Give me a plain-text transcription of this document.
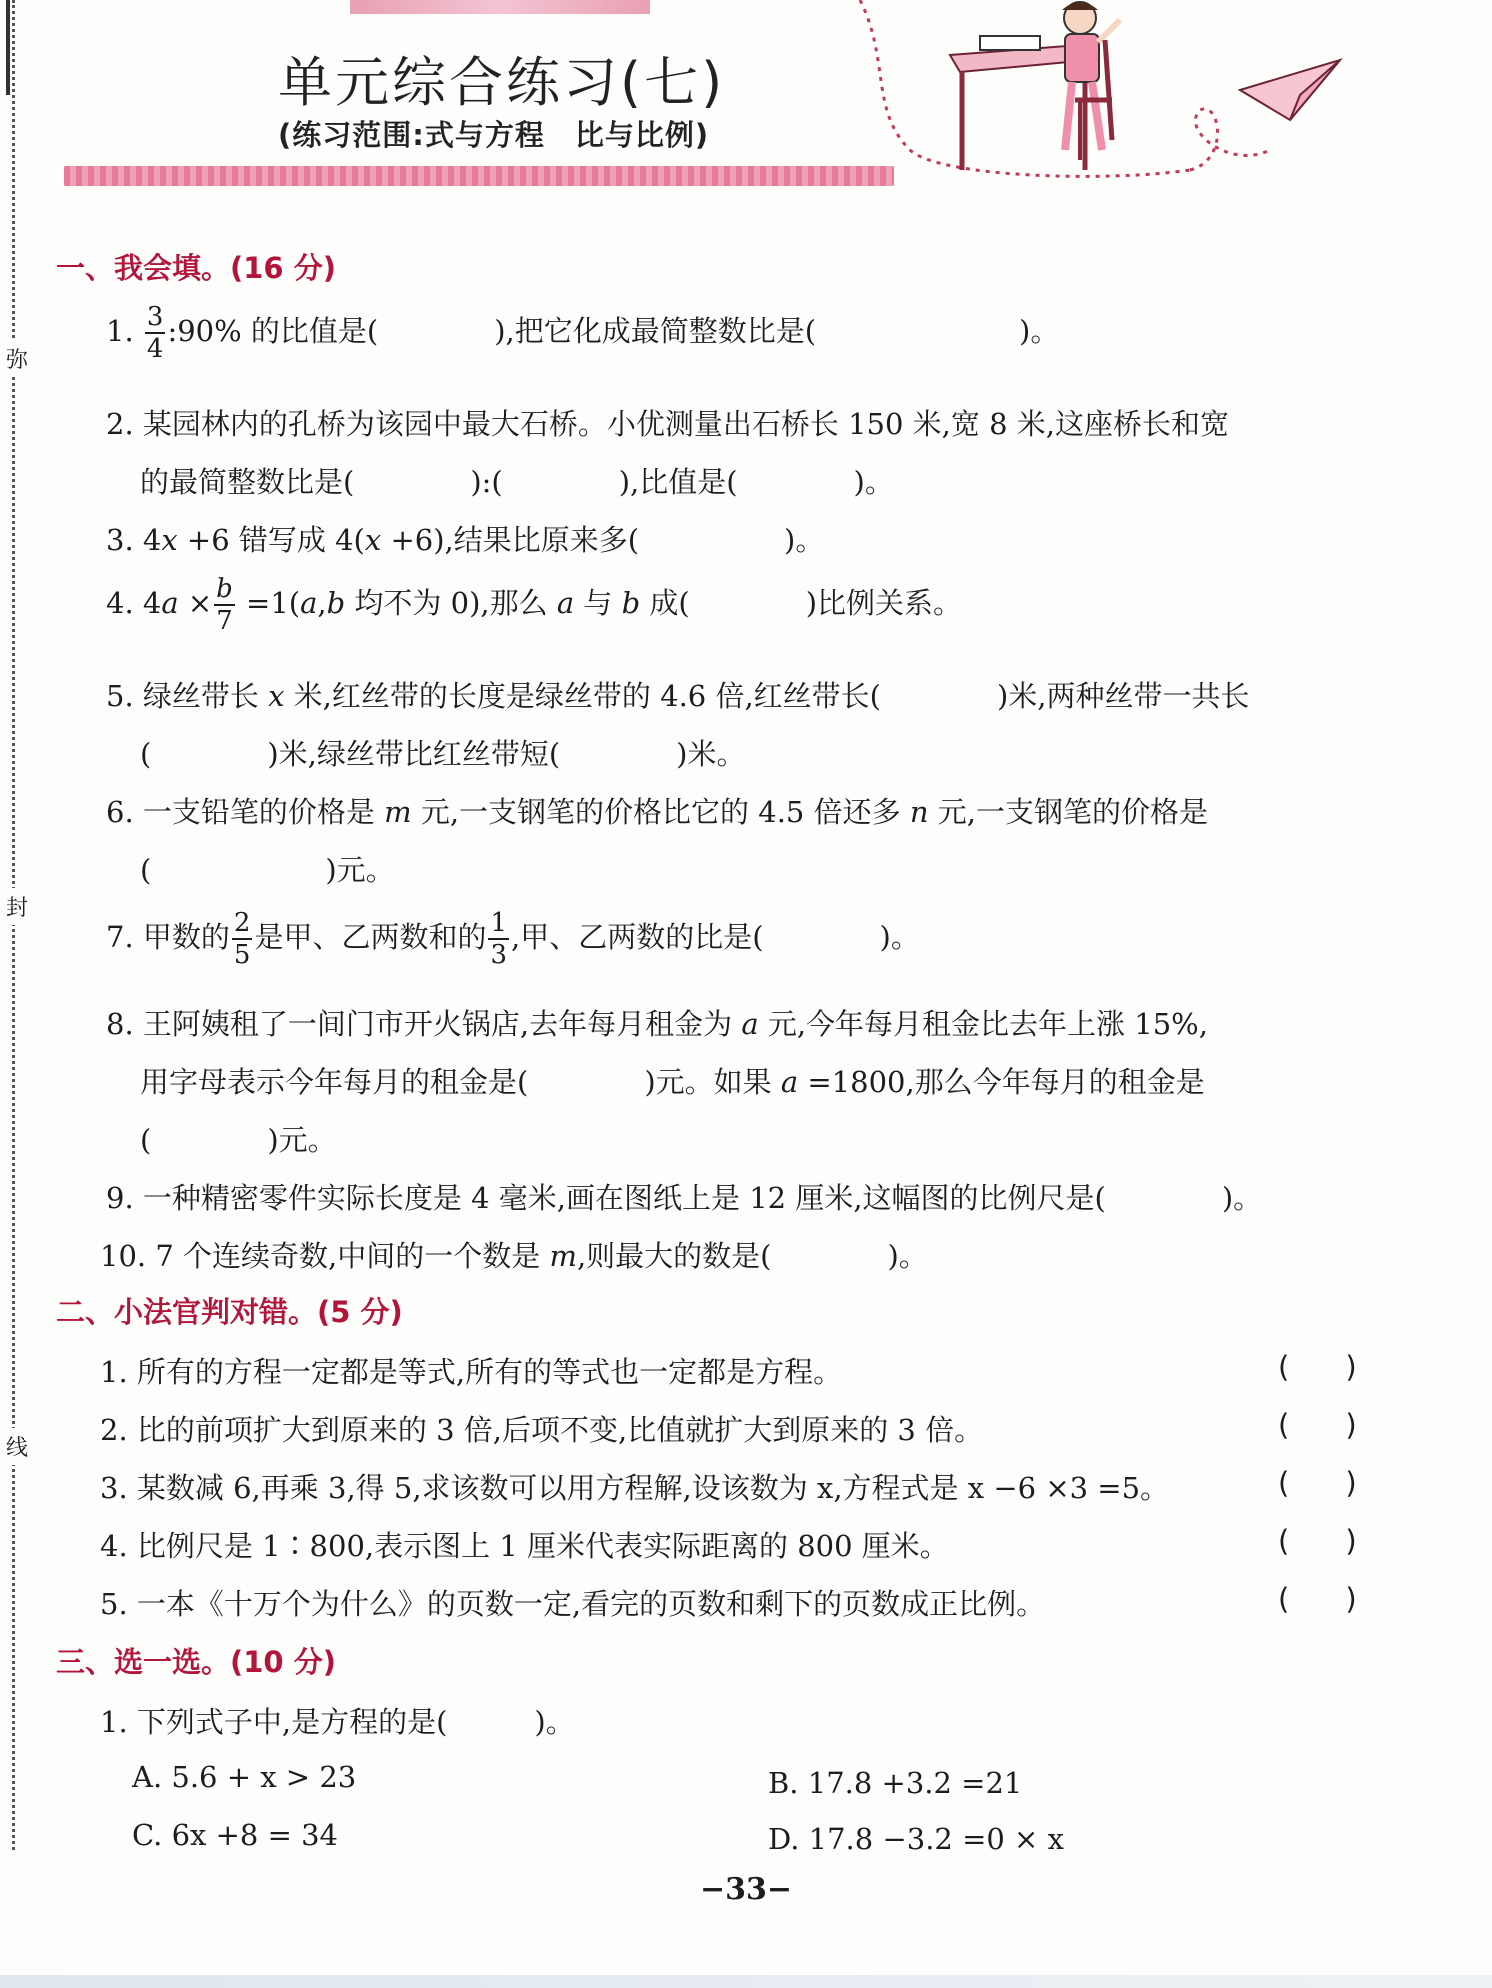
弥
封
线
单元综合练习(七)
(练习范围:式与方程　比与比例)
一、我会填。(16 分)
1. $\frac{3}{4}$ :90% 的比值是(　　　　),把它化成最简整数比是(　　　　　　　)。
2. 某园林内的孔桥为该园中最大石桥。小优测量出石桥长 150 米,宽 8 米,这座桥长和宽
的最简整数比是(　　　　):(　　　　),比值是(　　　　)。
3. 4x +6 错写成 4(x +6),结果比原来多(　　　　　)。
4. $4a \times \frac{b}{7} =1(a,b$ 均不为 0),那么 a 与 b 成(　　　　)比例关系。
5. 绿丝带长 x 米,红丝带的长度是绿丝带的 4.6 倍,红丝带长(　　　　)米,两种丝带一共长
(　　　　)米,绿丝带比红丝带短(　　　　)米。
6. 一支铅笔的价格是 m 元,一支钢笔的价格比它的 4.5 倍还多 n 元,一支钢笔的价格是
(　　　　　　)元。
7. 甲数的 $\frac{2}{5}$ 是甲、乙两数和的 $\frac{1}{3}$ ,甲、乙两数的比是(　　　　)。
8. 王阿姨租了一间门市开火锅店,去年每月租金为 a 元,今年每月租金比去年上涨 15%,
用字母表示今年每月的租金是(　　　　)元。如果 a =1800,那么今年每月的租金是
(　　　　)元。
9. 一种精密零件实际长度是 4 毫米,画在图纸上是 12 厘米,这幅图的比例尺是(　　　　)。
10. 7 个连续奇数,中间的一个数是 m,则最大的数是(　　　　)。
二、小法官判对错。(5 分)
1. 所有的方程一定都是等式,所有的等式也一定都是方程。	( )
2. 比的前项扩大到原来的 3 倍,后项不变,比值就扩大到原来的 3 倍。	( )
3. 某数减 6,再乘 3,得 5,求该数可以用方程解,设该数为 x,方程式是 x −6 ×3 =5。	( )
4. 比例尺是 1∶800,表示图上 1 厘米代表实际距离的 800 厘米。	( )
5. 一本《十万个为什么》的页数一定,看完的页数和剩下的页数成正比例。	( )
三、选一选。(10 分)
1. 下列式子中,是方程的是(　　　)。
A. 5.6 + x > 23	B. 17.8 +3.2 =21
C. 6x +8 = 34	D. 17.8 −3.2 =0 × x
−33−
